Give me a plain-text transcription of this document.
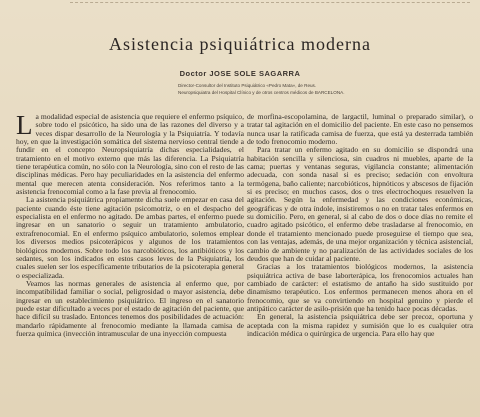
Asistencia psiquiátrica moderna
Doctor JOSE SOLE SAGARRA
Director-Consultor del Instituto Psiquiátrico «Pedro Mata», de Reus.
Neuropsiquiatra del Hospital Clínico y de otros centros médicos de BARCELONA.

La modalidad especial de asistencia que requiere el enfermo psíquico, sobre todo el psicótico, ha sido una de las razones del diverso y a veces dispar desarrollo de la Neurología y la Psiquiatría. Y todavía hoy, en que la investigación somática del sistema nervioso central tiende a fundir en el concepto Neuropsiquiatría dichas especialidades, el tratamiento en el motivo externo que más las diferencia. La Psiquiatría tiene terapéutica común, no sólo con la Neurología, sino con el resto de las disciplinas médicas. Pero hay peculiaridades en la asistencia del enfermo mental que merecen atenta consideración. Nos referimos tanto a la asistencia frenocomial como a la fase previa al frenocomio.

La asistencia psiquiátrica propiamente dicha suele empezar en casa del paciente cuando éste tiene agitación psicomotriz, o en el despacho del especialista en el enfermo no agitado. De ambas partes, el enfermo puede ingresar en un sanatorio o seguir un tratamiento ambulatorio, extrafrenocomial. En el enfermo psíquico ambulatorio, solemos emplear los diversos medios psicoterápicos y algunos de los tratamientos biológicos modernos. Sobre todo los narcobióticos, los antibióticos y los sedantes, son los indicados en estos casos leves de la Psiquiatría, los cuales suelen ser los específicamente tributarios de la psicoterapia general o especializada.

Veamos las normas generales de asistencia al enfermo que, por incompatibilidad familiar o social, peligrosidad o mayor asistencia, debe ingresar en un establecimiento psiquiátrico. El ingreso en el sanatorio puede estar dificultado a veces por el estado de agitación del paciente, que hace difícil su traslado. Entonces tenemos dos posibilidades de actuación: mandarlo rápidamente al frenocomio mediante la llamada camisa de fuerza química (invección intramuscular de una inyección compuesta

de morfina-escopolamina, de largactil, luminal o preparado similar), o tratar tal agitación en el domicilio del paciente. En este caso no pensemos nunca usar la ratificada camisa de fuerza, que está ya desterrada también de todo frenocomio moderno.

Para tratar un enfermo agitado en su domicilio se dispondrá una habitación sencilla y silenciosa, sin cuadros ni muebles, aparte de la cama; puertas y ventanas seguras, vigilancia constante; alimentación adecuada, con sonda nasal si es preciso; sedación con envoltura termógena, baño caliente; narcobióticos, hipnóticos y abscesos de fijación si es preciso; en muchos casos, dos o tres electrochoques resuelven la agitación. Según la enfermedad y las condiciones económicas, geográficas y de otra índole, insistiremos o no en tratar tales enfermos en su domicilio. Pero, en general, si al cabo de dos o doce días no remite el cuadro agitado psicótico, el enfermo debe trasladarse al frenocomio, en donde el tratamiento mencionado puede proseguirse el tiempo que sea, con las ventajas, además, de una mejor organización y técnica asistencial, cambio de ambiente y no paralización de las actividades sociales de los deudos que han de cuidar al paciente.

Gracias a los tratamientos biológicos modernos, la asistencia psiquiátrica activa de base laborterápica, los frenocomios actuales han cambiado de carácter: el estatismo de antaño ha sido sustituido por dinamismo terapéutico. Los enfermos permanecen menos ahora en el frenocomio, que se va convirtiendo en hospital genuino y pierde el antipático carácter de asilo-prisión que ha tenido hace pocas décadas.

En general, la asistencia psiquiátrica debe ser precoz, oportuna y aceptada con la misma rapidez y sumisión que lo es cualquier otra indicación médica o quirúrgica de urgencia. Para ello hay que
